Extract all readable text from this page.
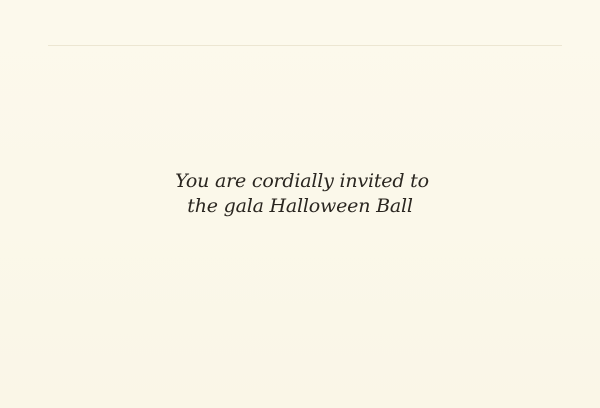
You are cordially invited to
the gala Halloween Ball
